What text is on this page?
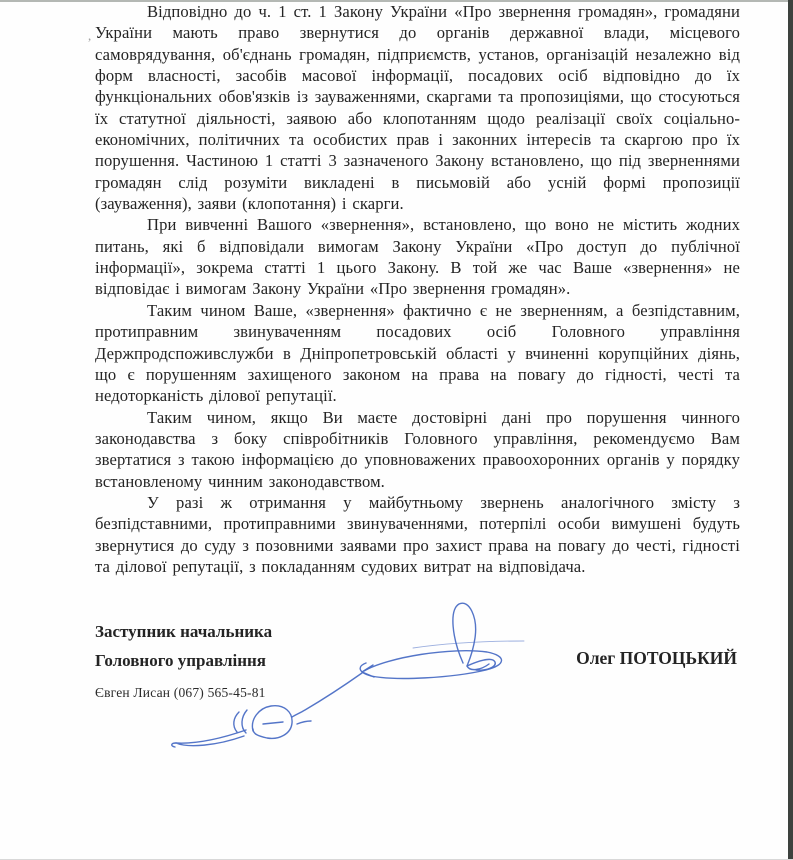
,

Відповідно до ч. 1 ст. 1 Закону України «Про звернення громадян», громадяни України мають право звернутися до органів державної влади, місцевого самоврядування, об'єднань громадян, підприємств, установ, організацій незалежно від форм власності, засобів масової інформації, посадових осіб відповідно до їх функціональних обов'язків із зауваженнями, скаргами та пропозиціями, що стосуються їх статутної діяльності, заявою або клопотанням щодо реалізації своїх соціально-економічних, політичних та особистих прав і законних інтересів та скаргою про їх порушення. Частиною 1 статті 3 зазначеного Закону встановлено, що під зверненнями громадян слід розуміти викладені в письмовій або усній формі пропозиції (зауваження), заяви (клопотання) і скарги.

При вивченні Вашого «звернення», встановлено, що воно не містить жодних питань, які б відповідали вимогам Закону України «Про доступ до публічної інформації», зокрема статті 1 цього Закону. В той же час Ваше «звернення» не відповідає і вимогам Закону України «Про звернення громадян».

Таким чином Ваше, «звернення» фактично є не зверненням, а безпідставним, протиправним звинуваченням посадових осіб Головного управління Держпродспоживслужби в Дніпропетровській області у вчиненні корупційних діянь, що є порушенням захищеного законом на права на повагу до гідності, честі та недоторканість ділової репутації.

Таким чином, якщо Ви маєте достовірні дані про порушення чинного законодавства з боку співробітників Головного управління, рекомендуємо Вам звертатися з такою інформацією до уповноважених правоохоронних органів у порядку встановленому чинним законодавством.

У разі ж отримання у майбутньому звернень аналогічного змісту з безпідставними, протиправними звинуваченнями, потерпілі особи вимушені будуть звернутися до суду з позовними заявами про захист права на повагу до честі, гідності та ділової репутації, з покладанням судових витрат на відповідача.

Заступник начальника
Головного управління	Олег ПОТОЦЬКИЙ
Євген Лисан (067) 565-45-81
